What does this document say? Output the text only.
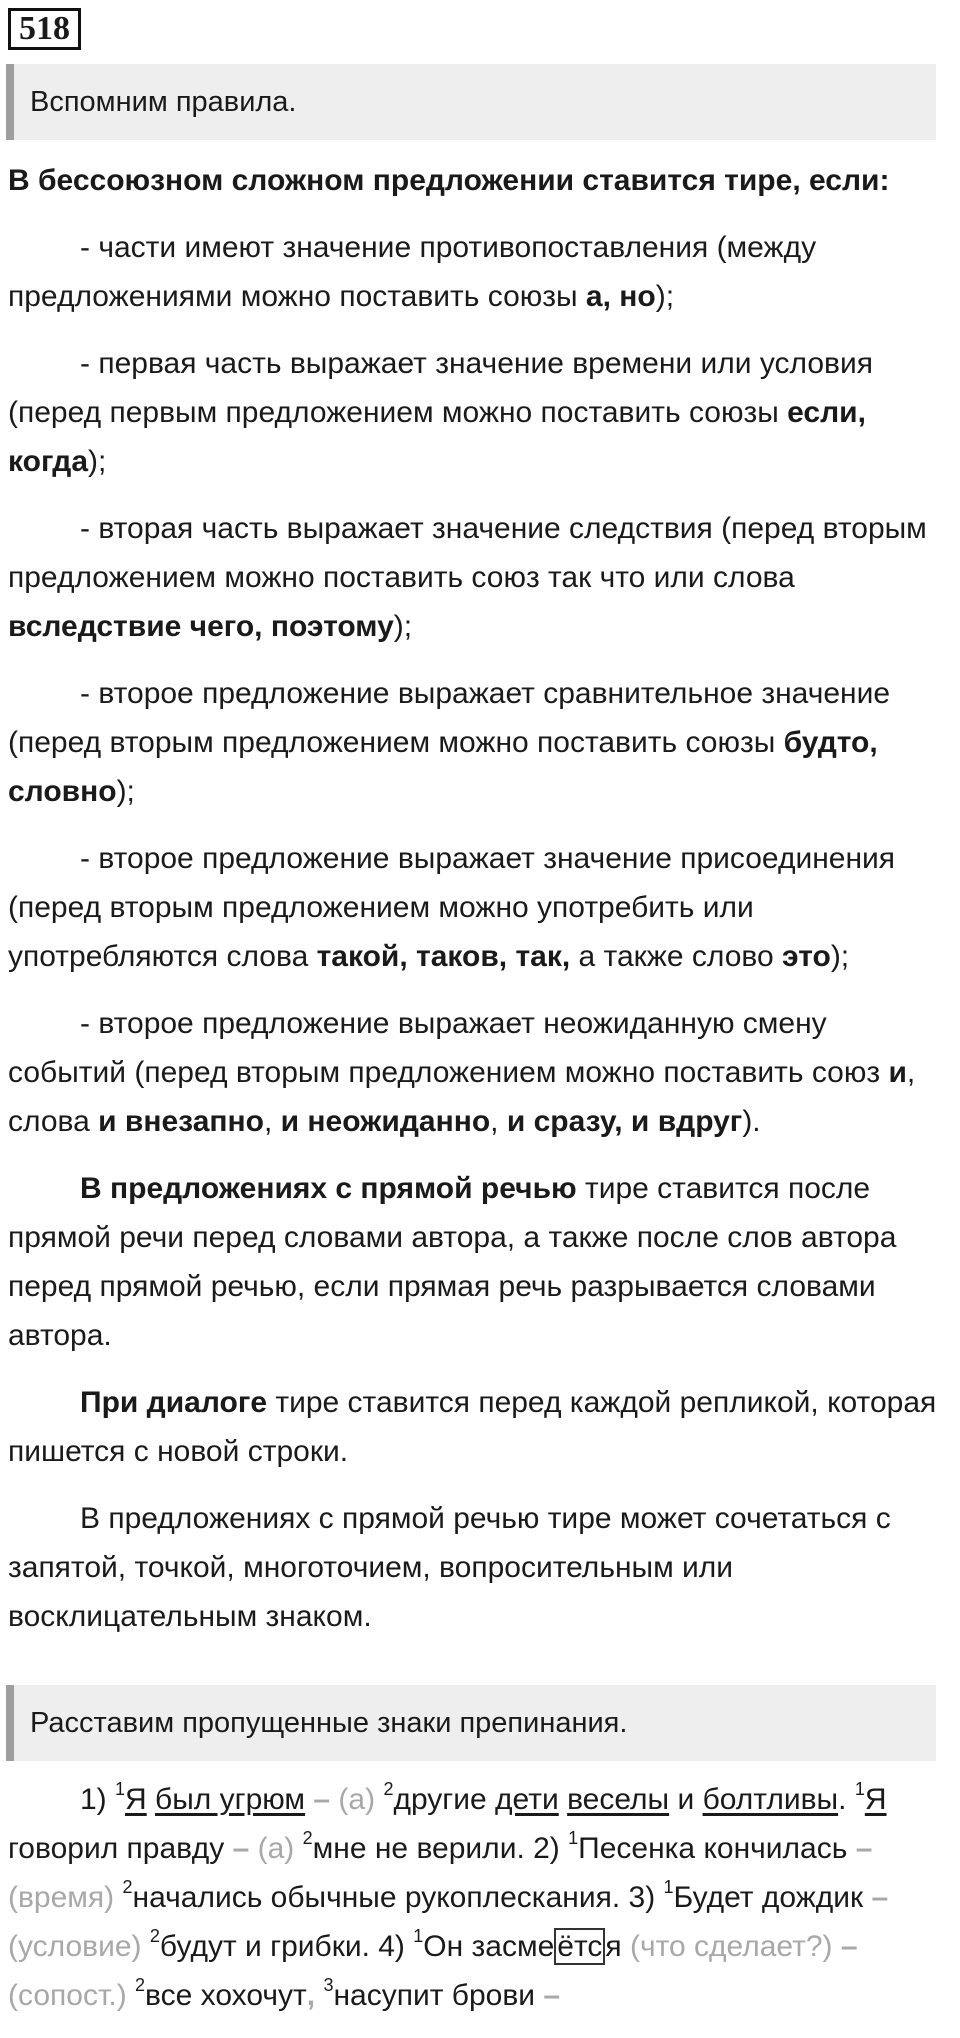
518
Вспомним правила.

В бессоюзном сложном предложении ставится тире, если:

- части имеют значение противопоставления (между предложениями можно поставить союзы а, но);

- первая часть выражает значение времени или условия (перед первым предложением можно поставить союзы если, когда);

- вторая часть выражает значение следствия (перед вторым предложением можно поставить союз так что или слова вследствие чего, поэтому);

- второе предложение выражает сравнительное значение (перед вторым предложением можно поставить союзы будто, словно);

- второе предложение выражает значение присоединения (перед вторым предложением можно употребить или употребляются слова такой, таков, так, а также слово это);

- второе предложение выражает неожиданную смену событий (перед вторым предложением можно поставить союз и, слова и внезапно, и неожиданно, и сразу, и вдруг).

В предложениях с прямой речью тире ставится после прямой речи перед словами автора, а также после слов автора перед прямой речью, если прямая речь разрывается словами автора.

При диалоге тире ставится перед каждой репликой, которая пишется с новой строки.

В предложениях с прямой речью тире может сочетаться с запятой, точкой, многоточием, вопросительным или восклицательным знаком.

Расставим пропущенные знаки препинания.

1) $^1$Я был угрюм – (а) $^2$другие дети веселы и болтливы. $^1$Я говорил правду – (а) $^2$мне не верили. 2) $^1$Песенка кончилась – (время) $^2$начались обычные рукоплескания. 3) $^1$Будет дождик – (условие) $^2$будут и грибки. 4) $^1$Он засме ётс я (что сделает?) – (сопост.) $^2$все хохочут, $^3$насупит брови –
